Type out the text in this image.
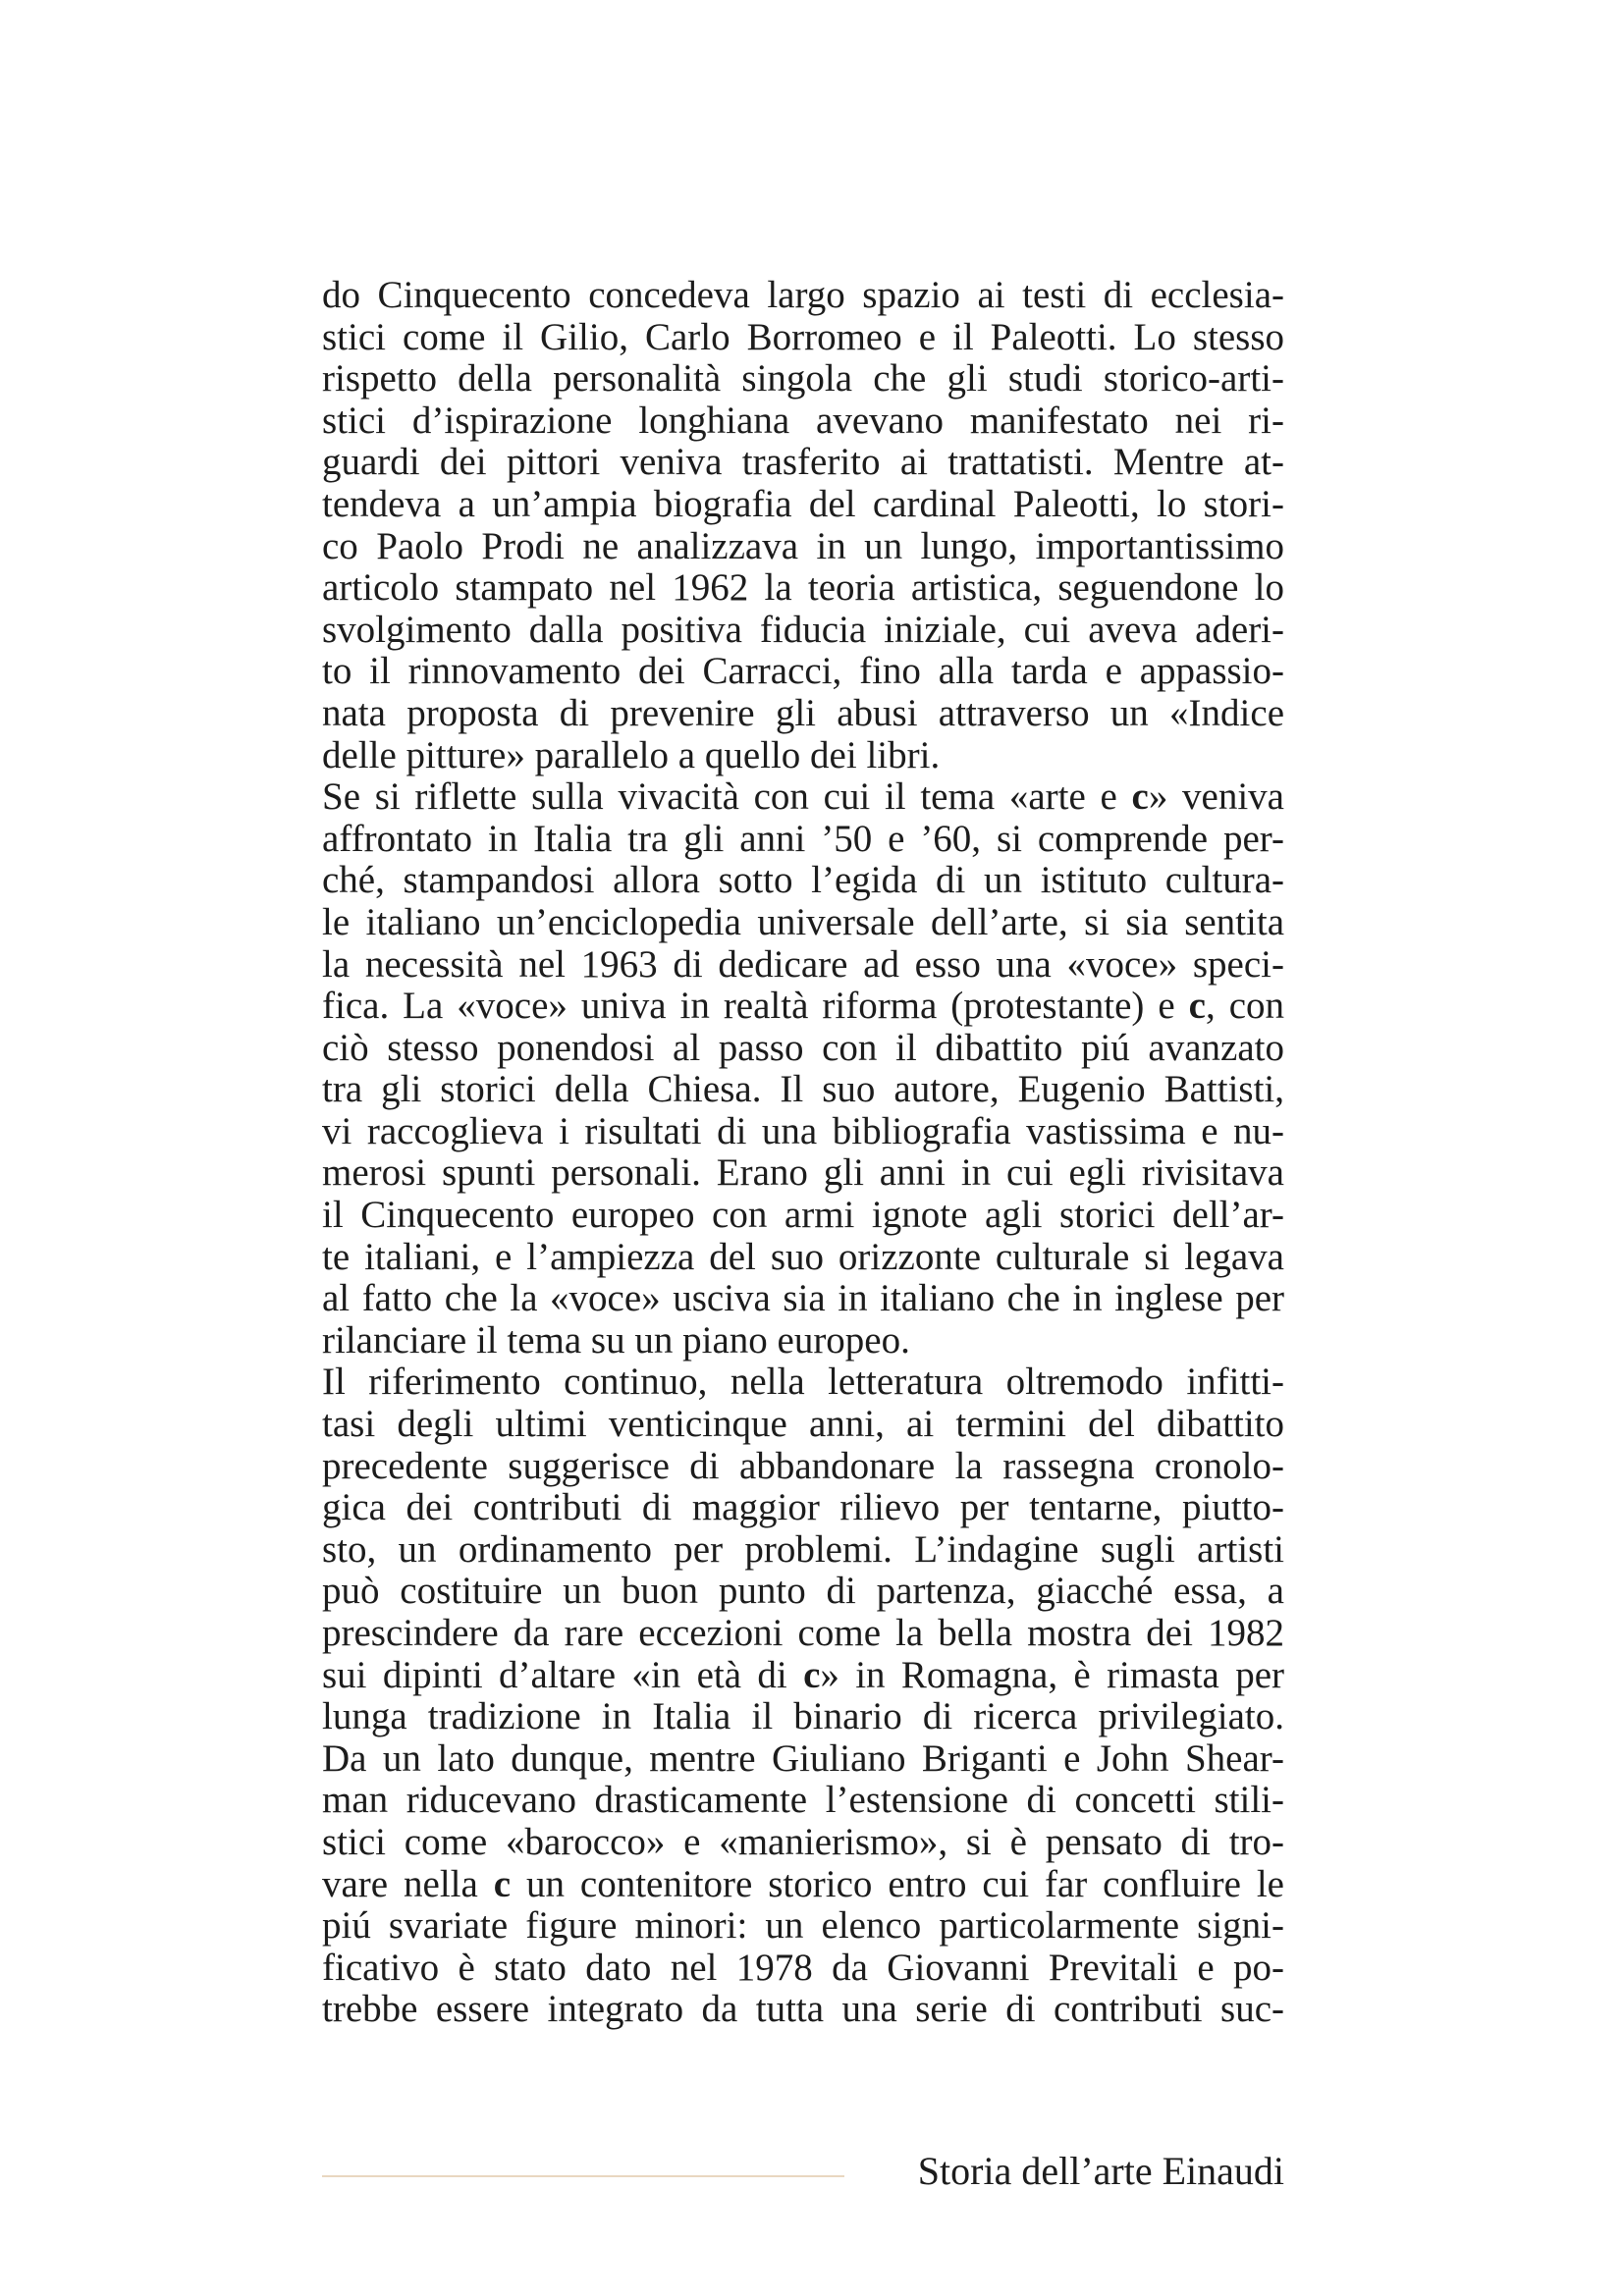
do Cinquecento concedeva largo spazio ai testi di ecclesia-
stici come il Gilio, Carlo Borromeo e il Paleotti. Lo stesso
rispetto della personalità singola che gli studi storico-arti-
stici d’ispirazione longhiana avevano manifestato nei ri-
guardi dei pittori veniva trasferito ai trattatisti. Mentre at-
tendeva a un’ampia biografia del cardinal Paleotti, lo stori-
co Paolo Prodi ne analizzava in un lungo, importantissimo
articolo stampato nel 1962 la teoria artistica, seguendone lo
svolgimento dalla positiva fiducia iniziale, cui aveva aderi-
to il rinnovamento dei Carracci, fino alla tarda e appassio-
nata proposta di prevenire gli abusi attraverso un «Indice
delle pitture» parallelo a quello dei libri.
Se si riflette sulla vivacità con cui il tema «arte e c» veniva
affrontato in Italia tra gli anni ’50 e ’60, si comprende per-
ché, stampandosi allora sotto l’egida di un istituto cultura-
le italiano un’enciclopedia universale dell’arte, si sia sentita
la necessità nel 1963 di dedicare ad esso una «voce» speci-
fica. La «voce» univa in realtà riforma (protestante) e c, con
ciò stesso ponendosi al passo con il dibattito piú avanzato
tra gli storici della Chiesa. Il suo autore, Eugenio Battisti,
vi raccoglieva i risultati di una bibliografia vastissima e nu-
merosi spunti personali. Erano gli anni in cui egli rivisitava
il Cinquecento europeo con armi ignote agli storici dell’ar-
te italiani, e l’ampiezza del suo orizzonte culturale si legava
al fatto che la «voce» usciva sia in italiano che in inglese per
rilanciare il tema su un piano europeo.
Il riferimento continuo, nella letteratura oltremodo infitti-
tasi degli ultimi venticinque anni, ai termini del dibattito
precedente suggerisce di abbandonare la rassegna cronolo-
gica dei contributi di maggior rilievo per tentarne, piutto-
sto, un ordinamento per problemi. L’indagine sugli artisti
può costituire un buon punto di partenza, giacché essa, a
prescindere da rare eccezioni come la bella mostra dei 1982
sui dipinti d’altare «in età di c» in Romagna, è rimasta per
lunga tradizione in Italia il binario di ricerca privilegiato.
Da un lato dunque, mentre Giuliano Briganti e John Shear-
man riducevano drasticamente l’estensione di concetti stili-
stici come «barocco» e «manierismo», si è pensato di tro-
vare nella c un contenitore storico entro cui far confluire le
piú svariate figure minori: un elenco particolarmente signi-
ficativo è stato dato nel 1978 da Giovanni Previtali e po-
trebbe essere integrato da tutta una serie di contributi suc-
Storia dell’arte Einaudi
